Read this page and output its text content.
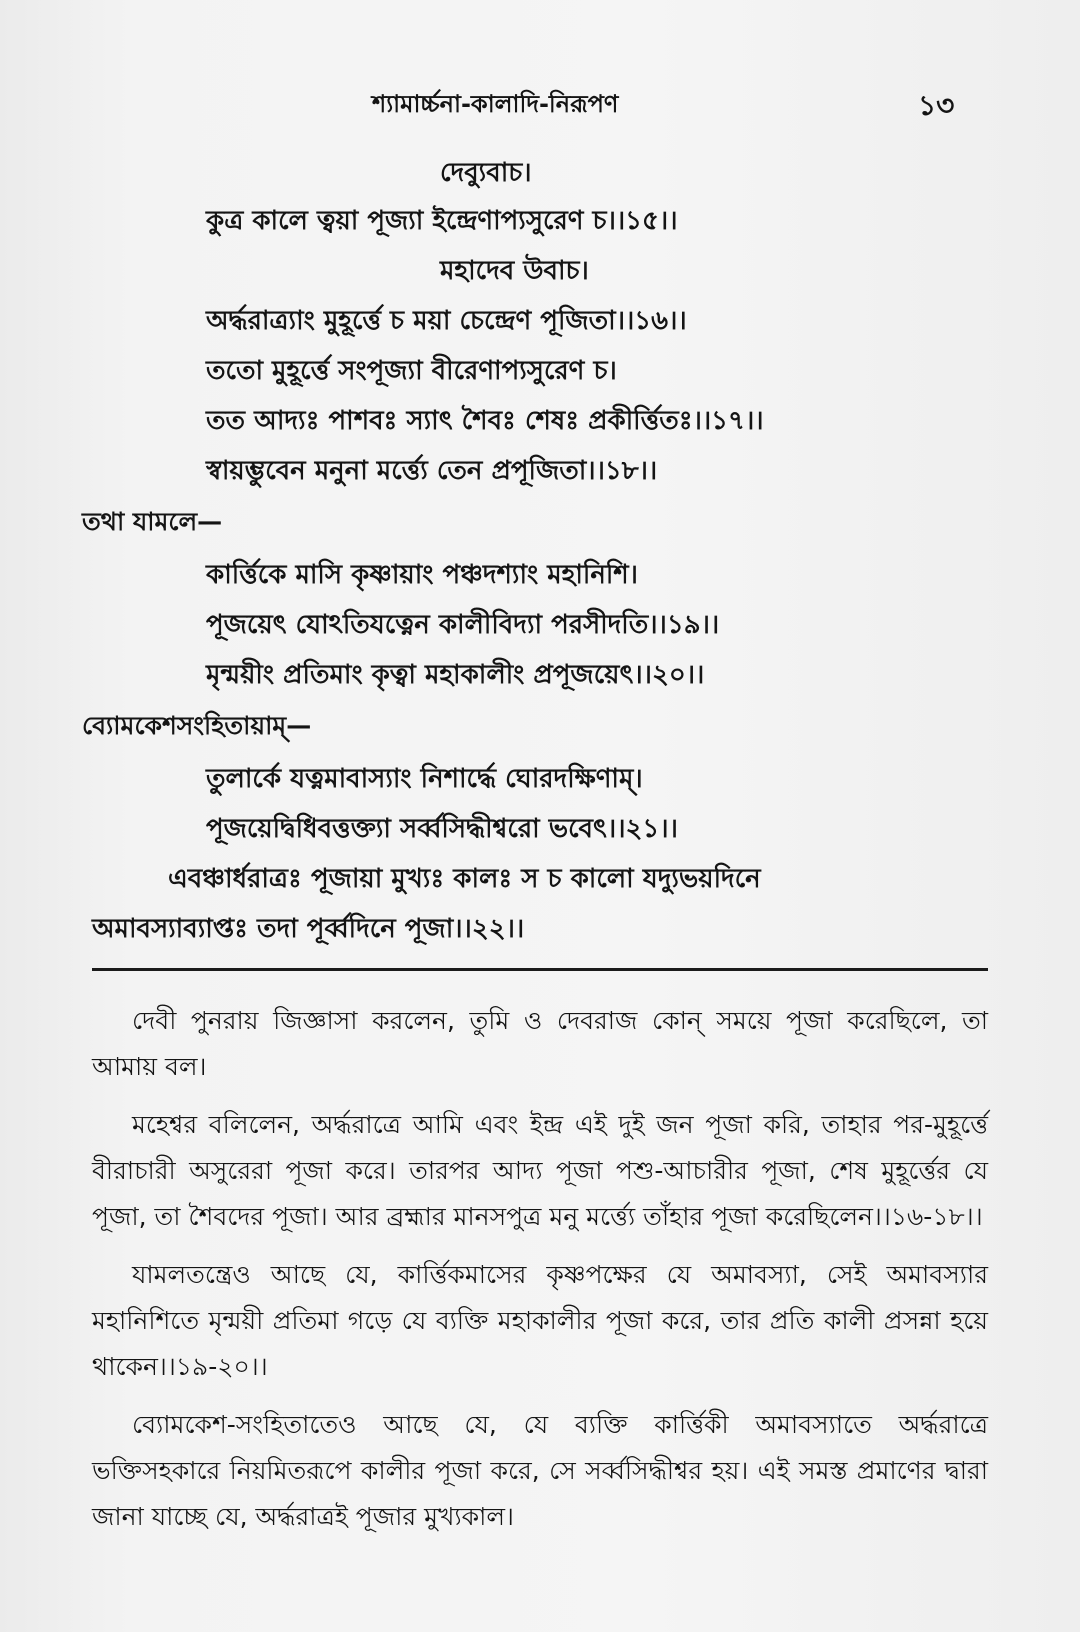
শ্যামার্চ্চনা-কালাদি-নিরূপণ	১৩
দেব্যুবাচ।
কুত্র কালে ত্বয়া পূজ্যা ইন্দ্রেণাপ্যসুরেণ চ।।১৫।।
মহাদেব উবাচ।
অর্দ্ধরাত্র্যাং মুহূর্ত্তে চ ময়া চেন্দ্রেণ পূজিতা।।১৬।।
ততো মুহূর্ত্তে সংপূজ্যা বীরেণাপ্যসুরেণ চ।
তত আদ্যঃ পাশবঃ স্যাৎ শৈবঃ শেষঃ প্রকীর্ত্তিতঃ।।১৭।।
স্বায়ম্ভুবেন মনুনা মর্ত্ত্যে তেন প্রপূজিতা।।১৮।।
তথা যামলে—
কার্ত্তিকে মাসি কৃষ্ণায়াং পঞ্চদশ্যাং মহানিশি।
পূজয়েৎ যোঽতিযত্নেন কালীবিদ্যা পরসীদতি।।১৯।।
মৃন্ময়ীং প্রতিমাং কৃত্বা মহাকালীং প্রপূজয়েৎ।।২০।।
ব্যোমকেশসংহিতায়াম্—
তুলার্কে যত্নমাবাস্যাং নিশার্দ্ধে ঘোরদক্ষিণাম্।
পূজয়েদ্বিধিবত্তক্ত্যা সর্ব্বসিদ্ধীশ্বরো ভবেৎ।।২১।।
এবঞ্চার্ধরাত্রঃ পূজায়া মুখ্যঃ কালঃ স চ কালো যদ্যুভয়দিনে
অমাবস্যাব্যাপ্তঃ তদা পূর্ব্বদিনে পূজা।।২২।।

দেবী পুনরায় জিজ্ঞাসা করলেন, তুমি ও দেবরাজ কোন্ সময়ে পূজা করেছিলে, তা আমায় বল।

মহেশ্বর বলিলেন, অর্দ্ধরাত্রে আমি এবং ইন্দ্র এই দুই জন পূজা করি, তাহার পর-মুহূর্ত্তে বীরাচারী অসুরেরা পূজা করে। তারপর আদ্য পূজা পশু-আচারীর পূজা, শেষ মুহূর্ত্তের যে পূজা, তা শৈবদের পূজা। আর ব্রহ্মার মানসপুত্র মনু মর্ত্ত্যে তাঁহার পূজা করেছিলেন।।১৬-১৮।।

যামলতন্ত্রেও আছে যে, কার্ত্তিকমাসের কৃষ্ণপক্ষের যে অমাবস্যা, সেই অমাবস্যার মহানিশিতে মৃন্ময়ী প্রতিমা গড়ে যে ব্যক্তি মহাকালীর পূজা করে, তার প্রতি কালী প্রসন্না হয়ে থাকেন।।১৯-২০।।

ব্যোমকেশ-সংহিতাতেও আছে যে, যে ব্যক্তি কার্ত্তিকী অমাবস্যাতে অর্দ্ধরাত্রে ভক্তিসহকারে নিয়মিতরূপে কালীর পূজা করে, সে সর্ব্বসিদ্ধীশ্বর হয়। এই সমস্ত প্রমাণের দ্বারা জানা যাচ্ছে যে, অর্দ্ধরাত্রই পূজার মুখ্যকাল।
